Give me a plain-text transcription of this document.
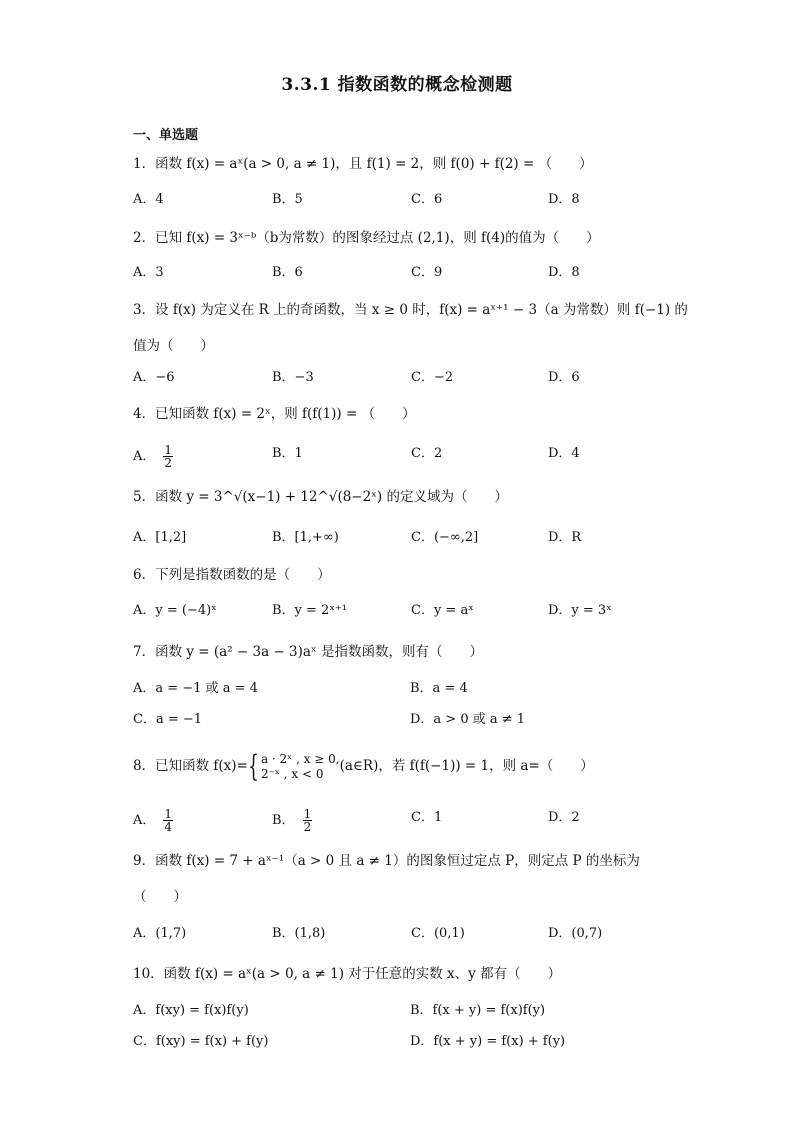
3.3.1 指数函数的概念检测题
一、单选题
1．函数 f(x) = aˣ(a > 0, a ≠ 1)，且 f(1) = 2，则 f(0) + f(2) = （　　）
A．4	B．5	C．6	D．8
2．已知 f(x) = 3ˣ⁻ᵇ（b为常数）的图象经过点 (2,1)，则 f(4)的值为（　　）
A．3	B．6	C．9	D．8
3．设 f(x) 为定义在 R 上的奇函数，当 x ≥ 0 时，f(x) = aˣ⁺¹ − 3（a 为常数）则 f(−1) 的
值为（　　）
A．−6	B．−3	C．−2	D．6
4．已知函数 f(x) = 2ˣ，则 f(f(1)) = （　　）
A． $\frac{1}{2}$	B．1	C．2	D．4
5．函数 y = 3^√(x−1) + 12^√(8−2ˣ) 的定义域为（　　）
A．[1,2]	B．[1,+∞)	C．(−∞,2]	D．R
6．下列是指数函数的是（　　）
A．y = (−4)ˣ	B．y = 2ˣ⁺¹	C．y = aˣ	D．y = 3ˣ
7．函数 y = (a² − 3a − 3)aˣ 是指数函数，则有（　　）
A．a = −1 或 a = 4	B．a = 4
C．a = −1	D．a > 0 或 a ≠ 1
8．已知函数 f(x)={ a · 2ˣ , x ≥ 0,
2⁻ˣ , x < 0	(a∈R)，若 f(f(−1)) = 1，则 a=（　　）
A． $\frac{1}{4}$	B． $\frac{1}{2}$	C．1	D．2
9．函数 f(x) = 7 + aˣ⁻¹（a > 0 且 a ≠ 1）的图象恒过定点 P，则定点 P 的坐标为
（　　）
A．(1,7)	B．(1,8)	C．(0,1)	D．(0,7)
10．函数 f(x) = aˣ(a > 0, a ≠ 1) 对于任意的实数 x、y 都有（　　）
A．f(xy) = f(x)f(y)	B．f(x + y) = f(x)f(y)
C．f(xy) = f(x) + f(y)	D．f(x + y) = f(x) + f(y)
